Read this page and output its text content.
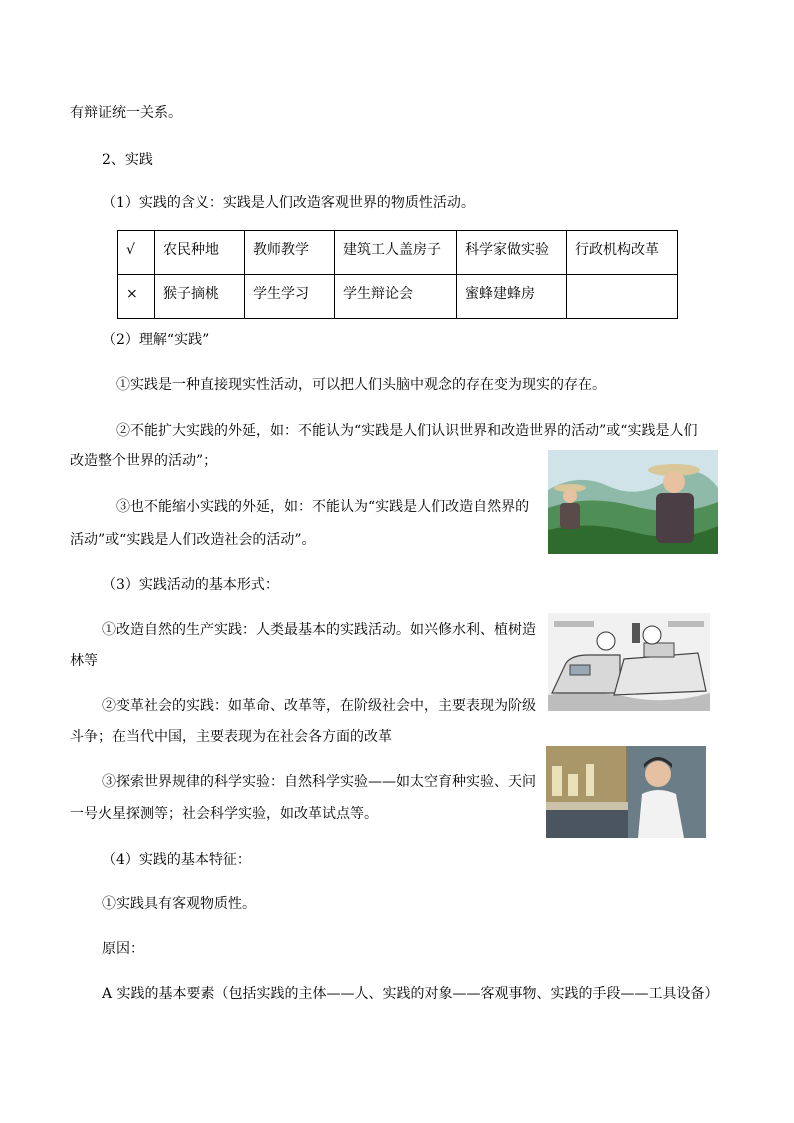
有辩证统一关系。
2、实践
（1）实践的含义：实践是人们改造客观世界的物质性活动。
√	农民种地	教师教学	建筑工人盖房子	科学家做实验	行政机构改革
×	猴子摘桃	学生学习	学生辩论会	蜜蜂建蜂房	
（2）理解“实践”
①实践是一种直接现实性活动，可以把人们头脑中观念的存在变为现实的存在。
②不能扩大实践的外延，如：不能认为“实践是人们认识世界和改造世界的活动”或“实践是人们
改造整个世界的活动”；
③也不能缩小实践的外延，如：不能认为“实践是人们改造自然界的
活动”或“实践是人们改造社会的活动”。
（3）实践活动的基本形式：
①改造自然的生产实践：人类最基本的实践活动。如兴修水利、植树造
林等
②变革社会的实践：如革命、改革等，在阶级社会中，主要表现为阶级
斗争；在当代中国，主要表现为在社会各方面的改革
③探索世界规律的科学实验：自然科学实验——如太空育种实验、天问
一号火星探测等；社会科学实验，如改革试点等。
（4）实践的基本特征：
①实践具有客观物质性。
原因：
A 实践的基本要素（包括实践的主体——人、实践的对象——客观事物、实践的手段——工具设备）
